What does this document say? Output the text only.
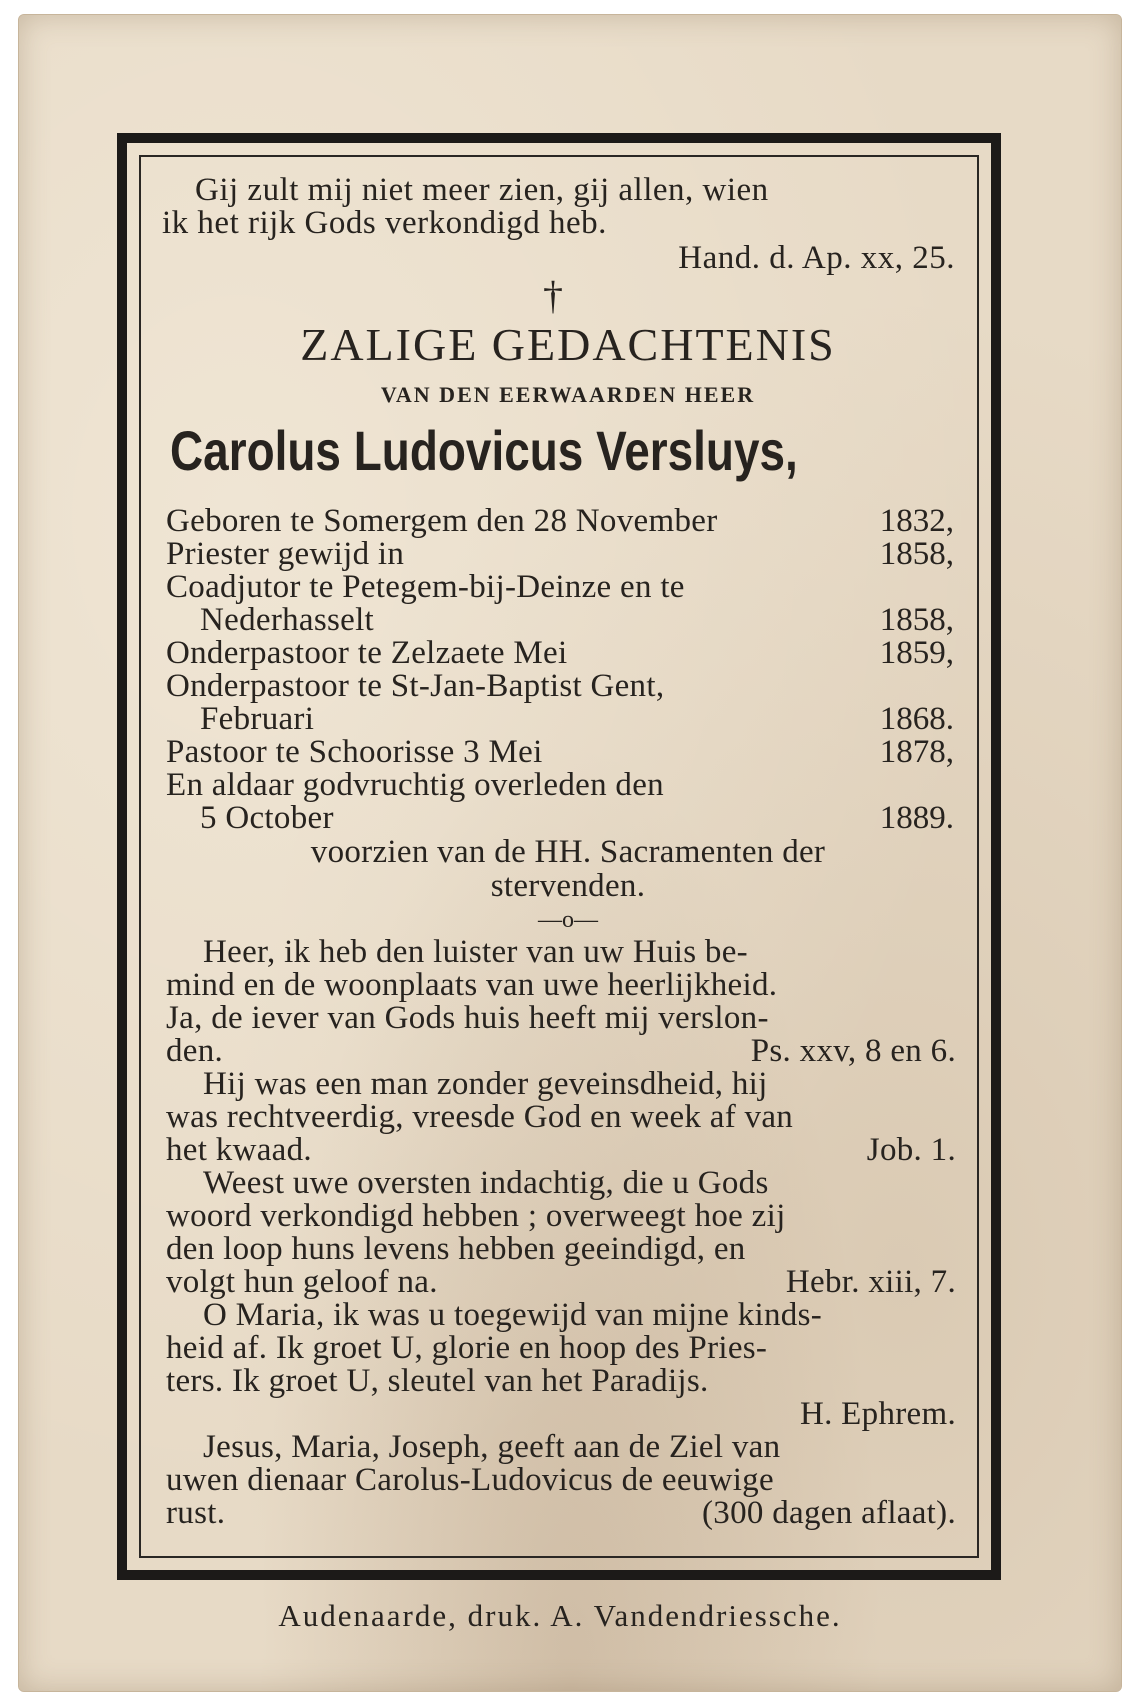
Gij zult mij niet meer zien, gij allen, wien
ik het rijk Gods verkondigd heb.
Hand. d. Ap. xx, 25.
†
ZALIGE GEDACHTENIS
VAN DEN EERWAARDEN HEER
Carolus Ludovicus Versluys,
Geboren te Somergem den 28 November	1832,
Priester gewijd in	1858,
Coadjutor te Petegem-bij-Deinze en te
Nederhasselt	1858,
Onderpastoor te Zelzaete Mei	1859,
Onderpastoor te St-Jan-Baptist Gent,
Februari	1868.
Pastoor te Schoorisse 3 Mei	1878,
En aldaar godvruchtig overleden den
5 October	1889.
voorzien van de HH. Sacramenten der
stervenden.
—o—
Heer, ik heb den luister van uw Huis be-
mind en de woonplaats van uwe heerlijkheid.
Ja, de iever van Gods huis heeft mij verslon-
den.	Ps. xxv, 8 en 6.
Hij was een man zonder geveinsdheid, hij
was rechtveerdig, vreesde God en week af van
het kwaad.	Job. 1.
Weest uwe oversten indachtig, die u Gods
woord verkondigd hebben ; overweegt hoe zij
den loop huns levens hebben geeindigd, en
volgt hun geloof na.	Hebr. xiii, 7.
O Maria, ik was u toegewijd van mijne kinds-
heid af. Ik groet U, glorie en hoop des Pries-
ters. Ik groet U, sleutel van het Paradijs.
H. Ephrem.
Jesus, Maria, Joseph, geeft aan de Ziel van
uwen dienaar Carolus-Ludovicus de eeuwige
rust.	(300 dagen aflaat).
Audenaarde, druk. A. Vandendriessche.
